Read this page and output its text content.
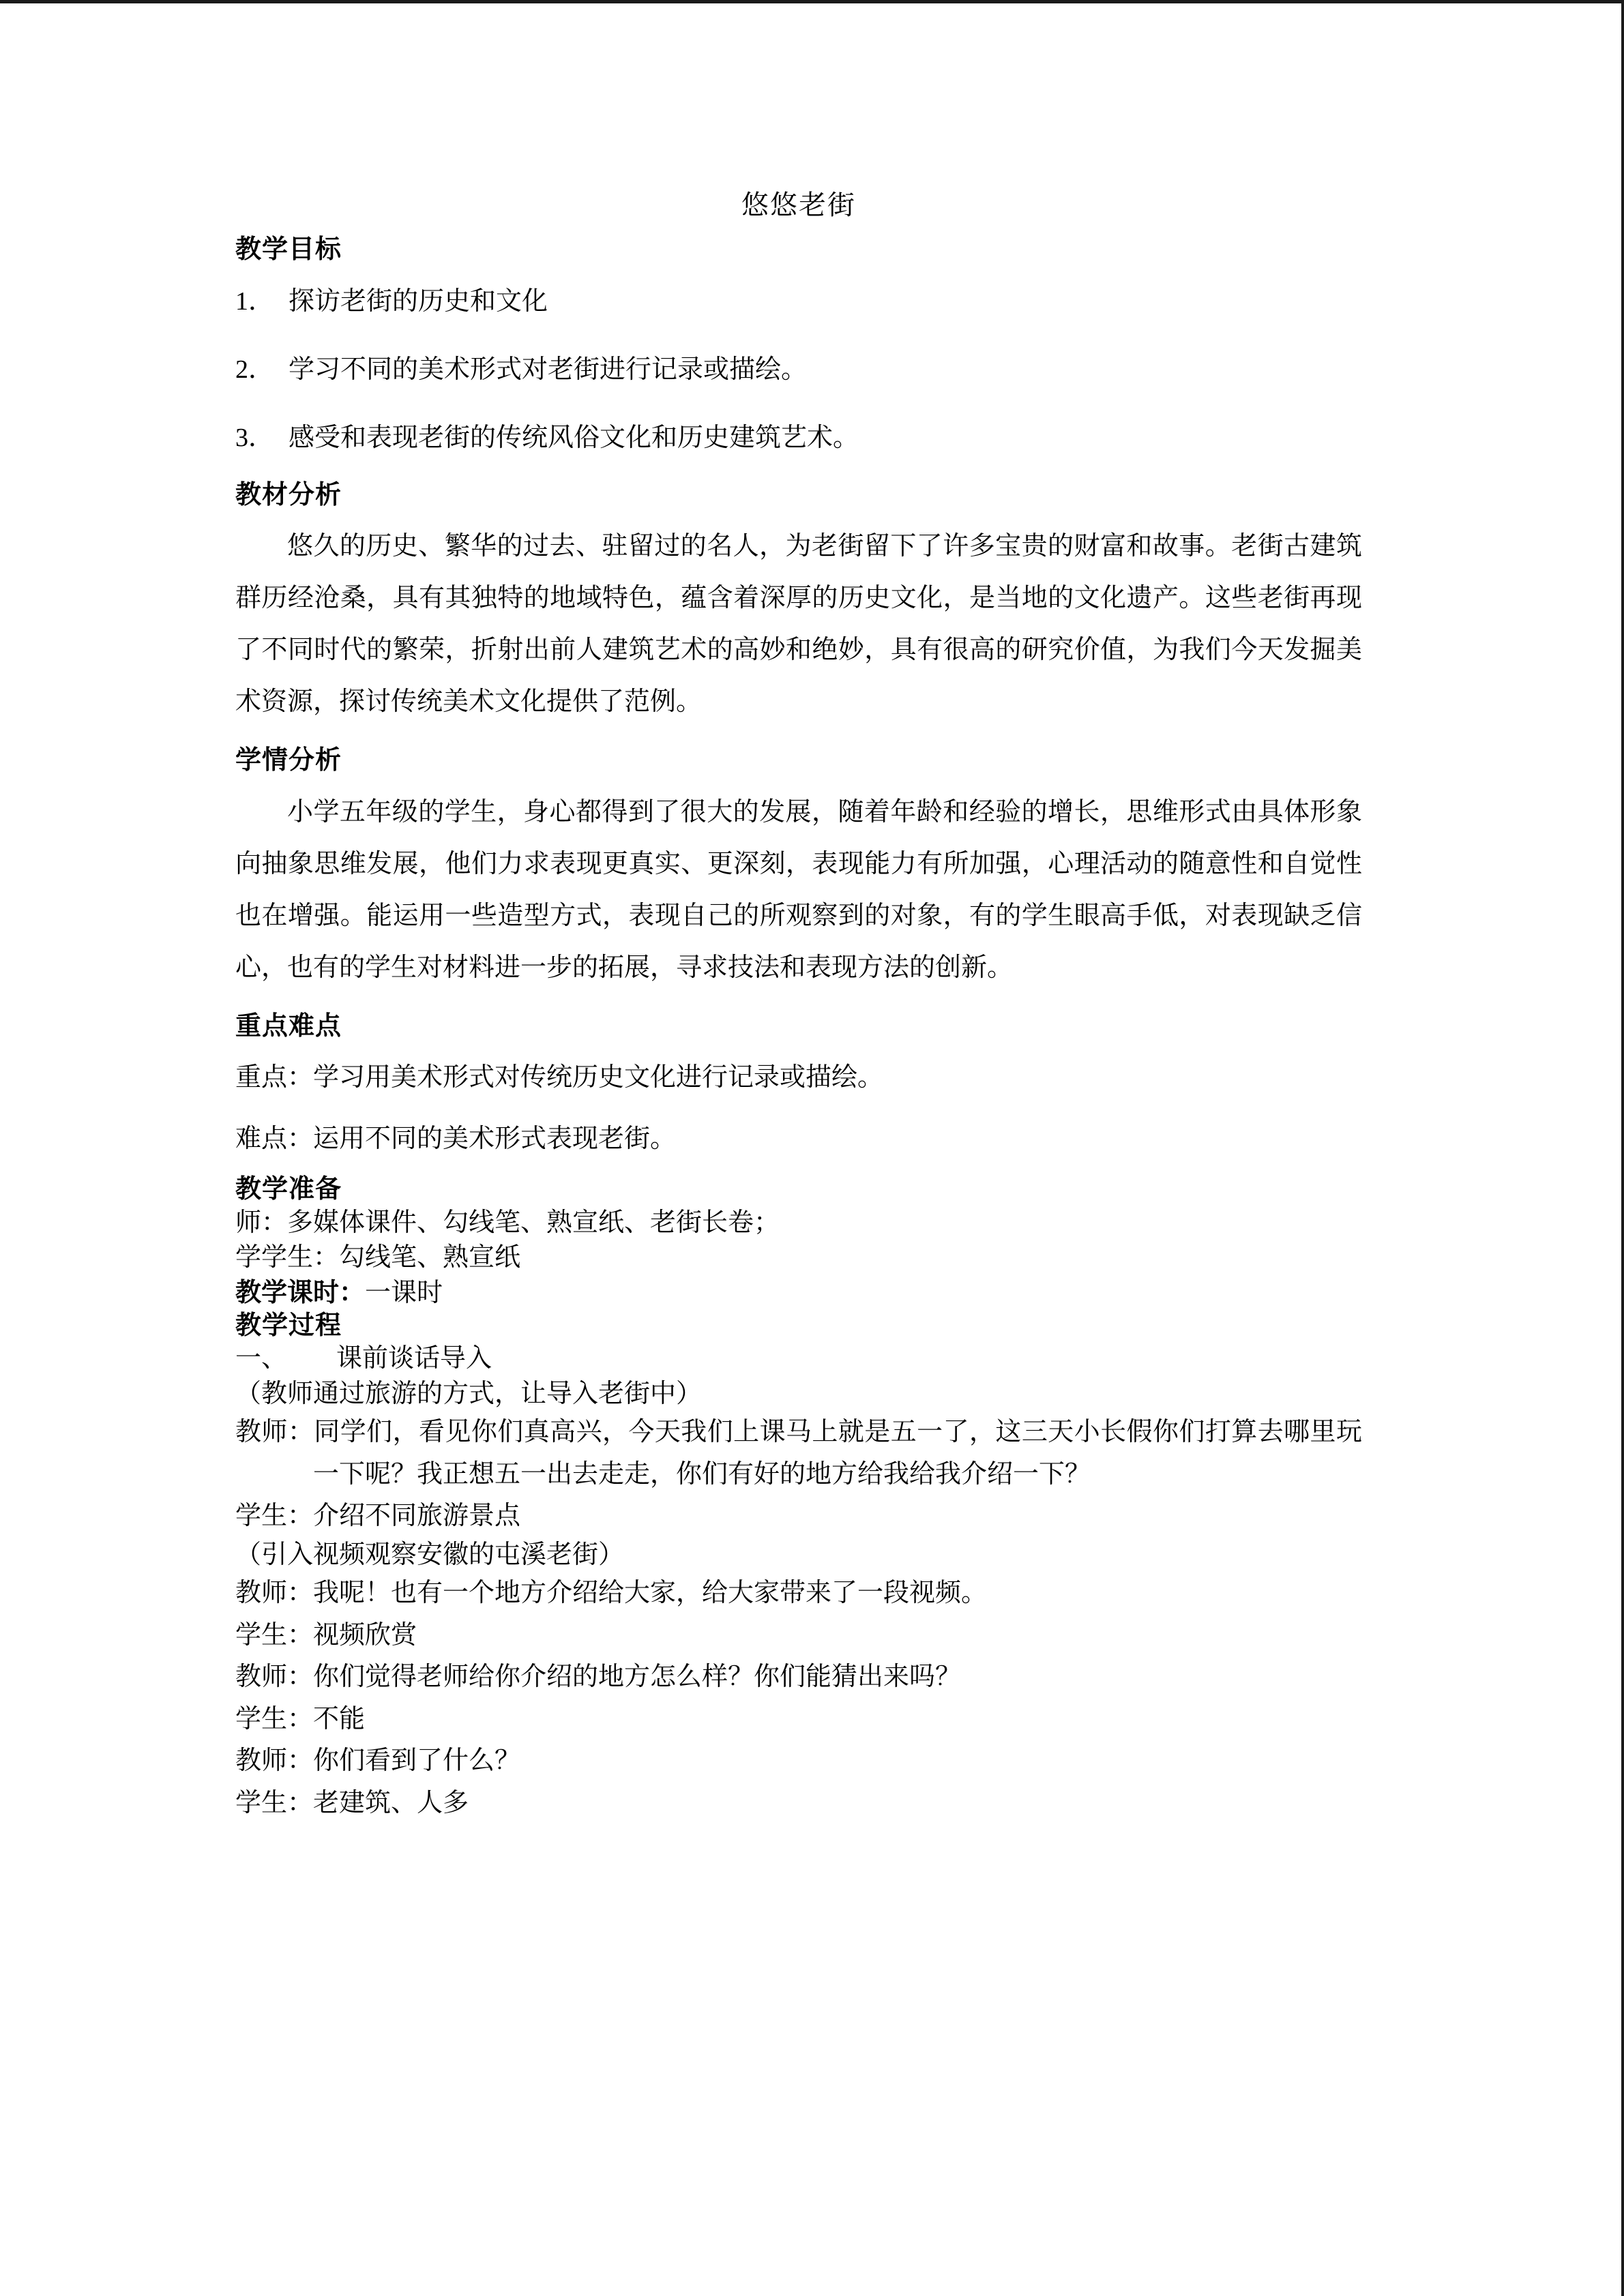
悠悠老街
教学目标
1． 探访老街的历史和文化
2． 学习不同的美术形式对老街进行记录或描绘。
3． 感受和表现老街的传统风俗文化和历史建筑艺术。
教材分析

悠久的历史、繁华的过去、驻留过的名人，为老街留下了许多宝贵的财富和故事。老街古建筑群历经沧桑，具有其独特的地域特色，蕴含着深厚的历史文化，是当地的文化遗产。这些老街再现了不同时代的繁荣，折射出前人建筑艺术的高妙和绝妙，具有很高的研究价值，为我们今天发掘美术资源，探讨传统美术文化提供了范例。

学情分析

小学五年级的学生，身心都得到了很大的发展，随着年龄和经验的增长，思维形式由具体形象向抽象思维发展，他们力求表现更真实、更深刻，表现能力有所加强，心理活动的随意性和自觉性也在增强。能运用一些造型方式，表现自己的所观察到的对象，有的学生眼高手低，对表现缺乏信心，也有的学生对材料进一步的拓展，寻求技法和表现方法的创新。

重点难点

重点：学习用美术形式对传统历史文化进行记录或描绘。

难点：运用不同的美术形式表现老街。

教学准备

师：多媒体课件、勾线笔、熟宣纸、老街长卷；

学学生：勾线笔、熟宣纸

教学课时：一课时

教学过程

一、 课前谈话导入

（教师通过旅游的方式，让导入老街中）

教师：同学们，看见你们真高兴，今天我们上课马上就是五一了，这三天小长假你们打算去哪里玩一下呢？我正想五一出去走走，你们有好的地方给我给我介绍一下？

学生：介绍不同旅游景点

（引入视频观察安徽的屯溪老街）

教师：我呢！也有一个地方介绍给大家，给大家带来了一段视频。

学生：视频欣赏

教师：你们觉得老师给你介绍的地方怎么样？你们能猜出来吗？

学生：不能

教师：你们看到了什么？

学生：老建筑、人多
